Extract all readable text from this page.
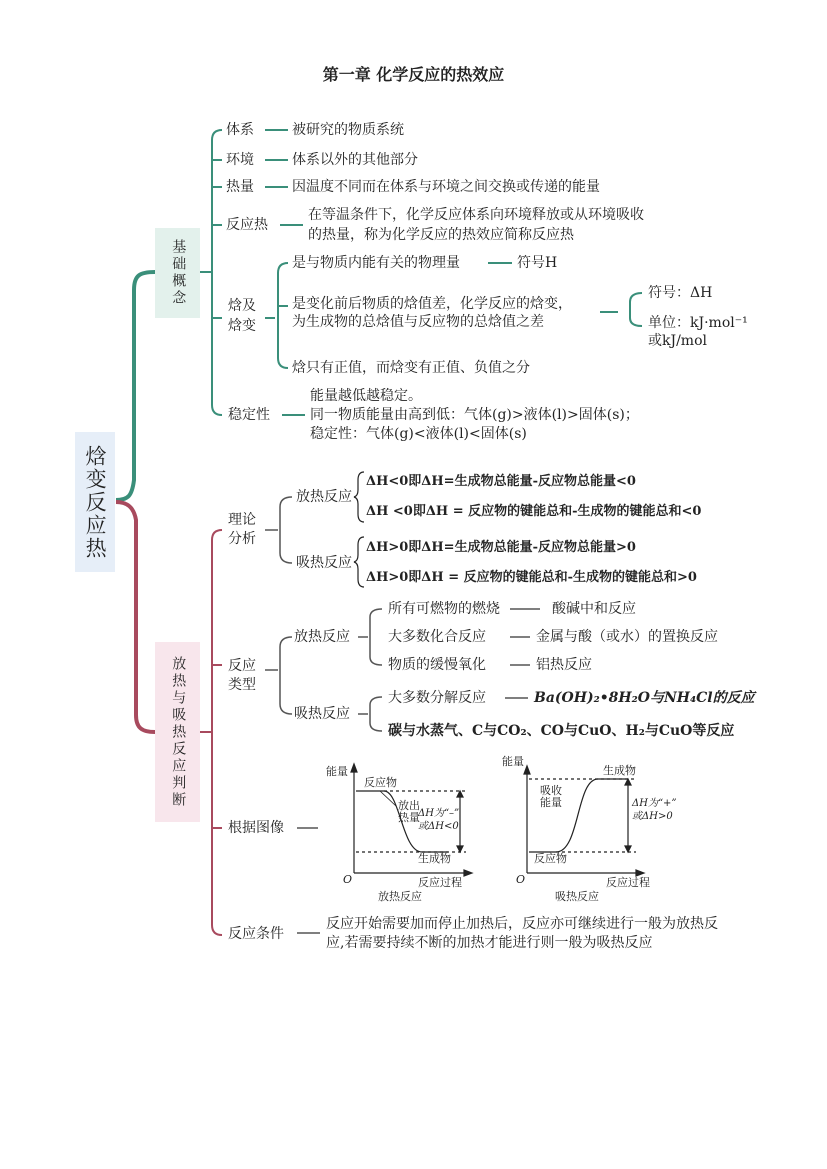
第一章 化学反应的热效应
焓变反应热
基础概念
放热与吸热反应判断
体系	被研究的物质系统
环境	体系以外的其他部分
热量	因温度不同而在体系与环境之间交换或传递的能量
反应热
在等温条件下，化学反应体系向环境释放或从环境吸收
的热量，称为化学反应的热效应简称反应热
焓及
焓变
是与物质内能有关的物理量	符号H
是变化前后物质的焓值差，化学反应的焓变，
为生成物的总焓值与反应物的总焓值之差
符号：ΔH
单位：kJ·mol⁻¹
或kJ/mol
焓只有正值，而焓变有正值、负值之分
稳定性
能量越低越稳定。
同一物质能量由高到低：气体(g)>液体(l)>固体(s)；
稳定性：气体(g)<液体(l)<固体(s)
理论
分析
放热反应
ΔH<0即ΔH=生成物总能量-反应物总能量<0
ΔH <0即ΔH = 反应物的键能总和-生成物的键能总和<0
吸热反应
ΔH>0即ΔH=生成物总能量-反应物总能量>0
ΔH>0即ΔH = 反应物的键能总和-生成物的键能总和>0
反应
类型
放热反应
所有可燃物的燃烧
大多数化合反应
物质的缓慢氧化
酸碱中和反应
金属与酸（或水）的置换反应
铝热反应
吸热反应
大多数分解反应	Ba(OH)₂•8H₂O与NH₄Cl的反应
碳与水蒸气、C与CO₂、CO与CuO、H₂与CuO等反应
根据图像
能量
反应物
放出热量
ΔH为“–”
或ΔH<0
生成物
O	反应过程
放热反应
能量
生成物
吸收能量	ΔH为“+”
或ΔH>0
反应物
O	反应过程
吸热反应
反应条件
反应开始需要加而停止加热后，反应亦可继续进行一般为放热反
应,若需要持续不断的加热才能进行则一般为吸热反应
